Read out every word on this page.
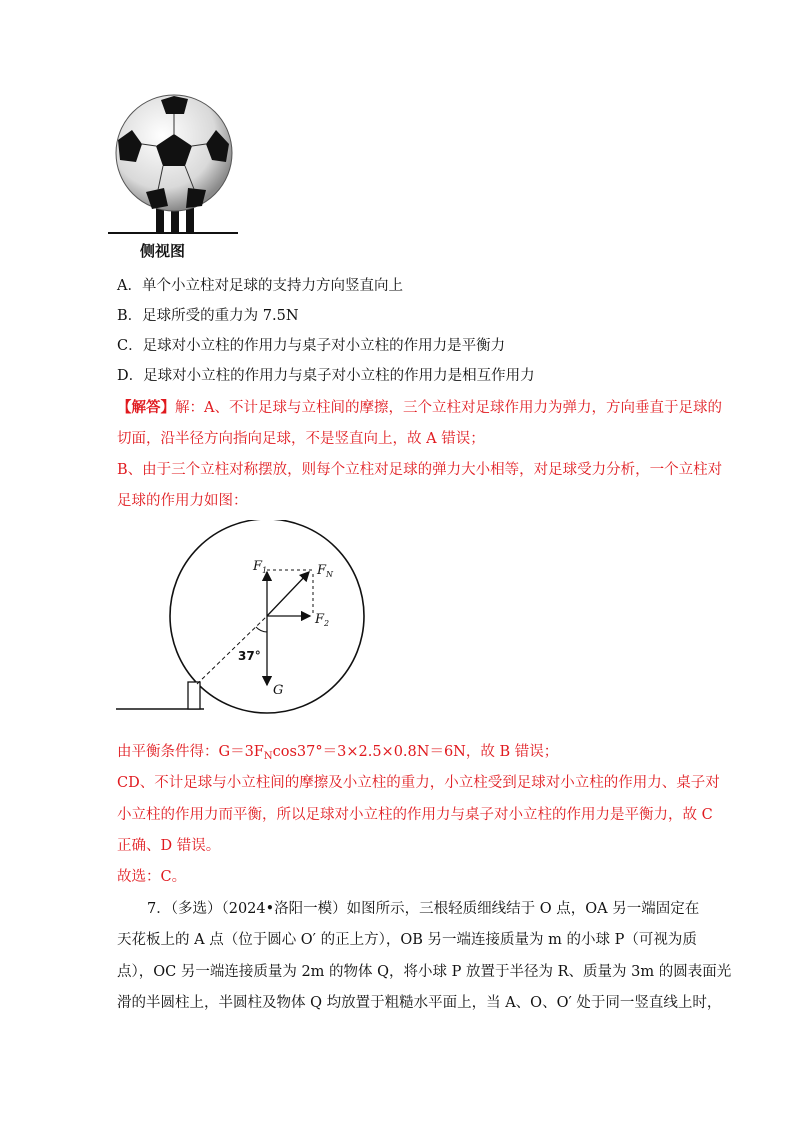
侧视图
A．单个小立柱对足球的支持力方向竖直向上
B．足球所受的重力为 7.5N
C．足球对小立柱的作用力与桌子对小立柱的作用力是平衡力
D．足球对小立柱的作用力与桌子对小立柱的作用力是相互作用力
【解答】解：A、不计足球与立柱间的摩擦，三个立柱对足球作用力为弹力，方向垂直于足球的
切面，沿半径方向指向足球，不是竖直向上，故 A 错误；
B、由于三个立柱对称摆放，则每个立柱对足球的弹力大小相等，对足球受力分析，一个立柱对
足球的作用力如图：
$F_1$	$F_N$
$F_2$
G
37°
由平衡条件得：$G=3F_N\cos 37^\circ=3\times 2.5\times 0.8N=6N$，故 B 错误；
CD、不计足球与小立柱间的摩擦及小立柱的重力，小立柱受到足球对小立柱的作用力、桌子对
小立柱的作用力而平衡，所以足球对小立柱的作用力与桌子对小立柱的作用力是平衡力，故 C
正确、D 错误。
故选：C。
7．（多选）（2024•洛阳一模）如图所示，三根轻质细线结于 O 点，OA 另一端固定在
天花板上的 A 点（位于圆心 O′ 的正上方），OB 另一端连接质量为 m 的小球 P（可视为质
点），OC 另一端连接质量为 2m 的物体 Q，将小球 P 放置于半径为 R、质量为 3m 的圆表面光
滑的半圆柱上，半圆柱及物体 Q 均放置于粗糙水平面上，当 A、O、O′ 处于同一竖直线上时，
